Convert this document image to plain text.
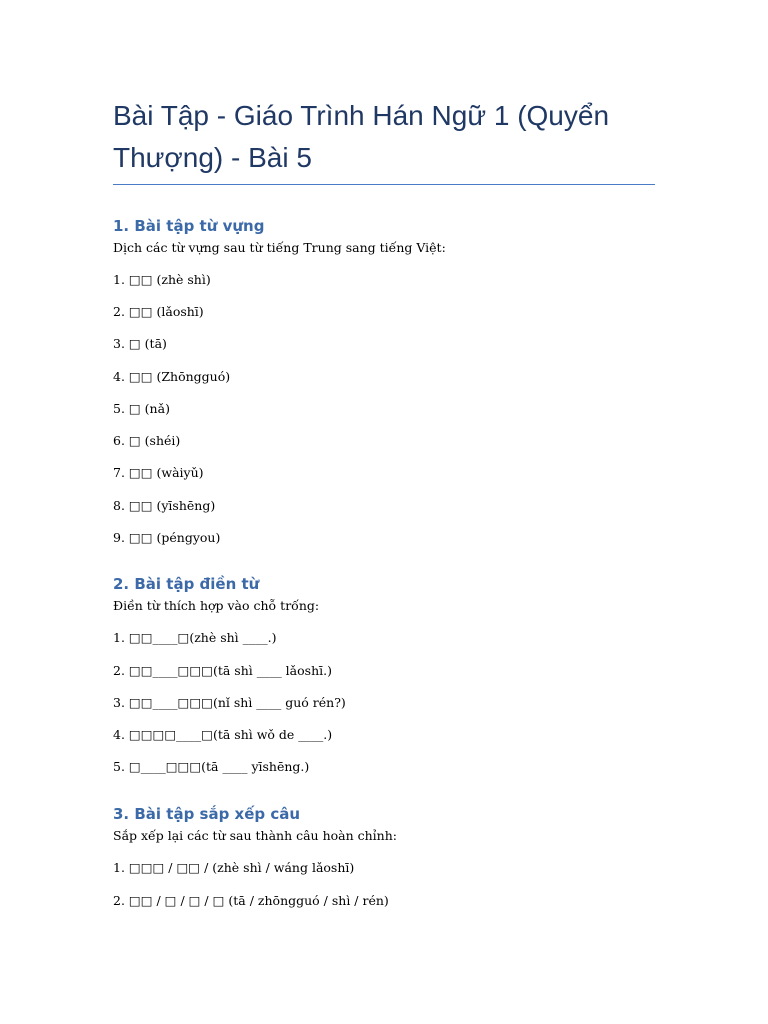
Bài Tập - Giáo Trình Hán Ngữ 1 (Quyển Thượng) - Bài 5
1. Bài tập từ vựng

Dịch các từ vựng sau từ tiếng Trung sang tiếng Việt:

1. □□ (zhè shì)

2. □□ (lǎoshī)

3. □ (tā)

4. □□ (Zhōngguó)

5. □ (nǎ)

6. □ (shéi)

7. □□ (wàiyǔ)

8. □□ (yīshēng)

9. □□ (péngyou)

2. Bài tập điền từ

Điền từ thích hợp vào chỗ trống:

1. □□____□(zhè shì ____.)

2. □□____□□□(tā shì ____ lǎoshī.)

3. □□____□□□(nǐ shì ____ guó rén?)

4. □□□□____□(tā shì wǒ de ____.)

5. □____□□□(tā ____ yīshēng.)

3. Bài tập sắp xếp câu

Sắp xếp lại các từ sau thành câu hoàn chỉnh:

1. □□□ / □□ / (zhè shì / wáng lǎoshī)

2. □□ / □ / □ / □ (tā / zhōngguó / shì / rén)
